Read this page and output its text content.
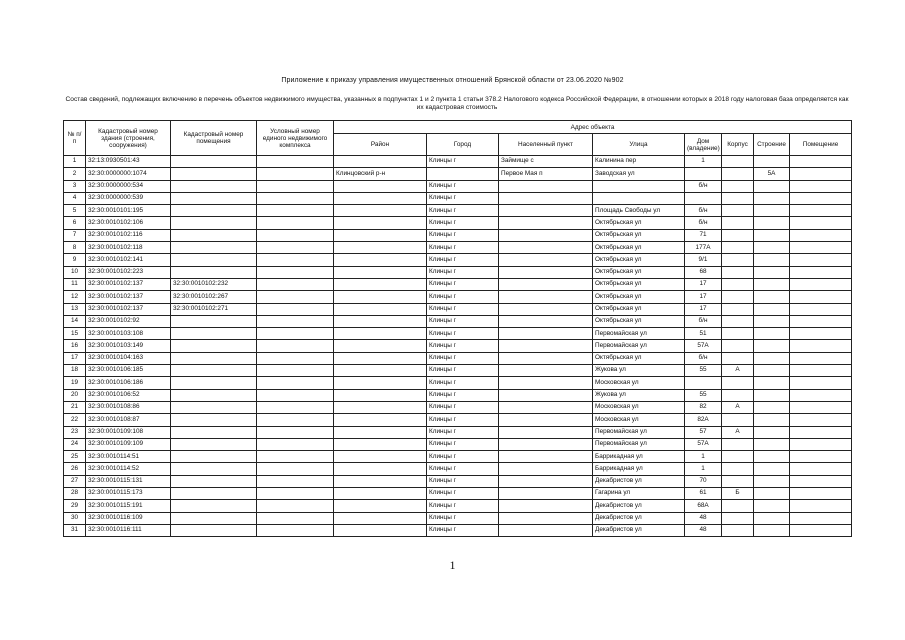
Приложение к приказу управления имущественных отношений Брянской области от 23.06.2020 №902
Состав сведений, подлежащих включению в перечень объектов недвижимого имущества, указанных в подпунктах 1 и 2 пункта 1 статьи 378.2 Налогового кодекса Российской Федерации, в отношении которых в 2018 году налоговая база определяется как их кадастровая стоимость
№ п/п	Кадастровый номер здания (строения, сооружения)	Кадастровый номер помещения	Условный номер единого недвижимого комплекса	Адрес объекта							
				Район	Город	Населенный пункт	Улица	Дом (владение)	Корпус	Строение	Помещение
1	32:13:0930501:43				Клинцы г	Займище с	Калинина пер	1			
2	32:30:0000000:1074			Клинцовский р-н		Первое Мая п	Заводская ул			5А	
3	32:30:0000000:534				Клинцы г			б/н			
4	32:30:0000000:539				Клинцы г						
5	32:30:0010101:195				Клинцы г		Площадь Свободы ул	б/н			
6	32:30:0010102:106				Клинцы г		Октябрьская ул	б/н			
7	32:30:0010102:116				Клинцы г		Октябрьская ул	71			
8	32:30:0010102:118				Клинцы г		Октябрьская ул	177А			
9	32:30:0010102:141				Клинцы г		Октябрьская ул	9/1			
10	32:30:0010102:223				Клинцы г		Октябрьская ул	68			
11	32:30:0010102:137	32:30:0010102:232			Клинцы г		Октябрьская ул	17			
12	32:30:0010102:137	32:30:0010102:267			Клинцы г		Октябрьская ул	17			
13	32:30:0010102:137	32:30:0010102:271			Клинцы г		Октябрьская ул	17			
14	32:30:0010102:92				Клинцы г		Октябрьская ул	б/н			
15	32:30:0010103:108				Клинцы г		Первомайская ул	51			
16	32:30:0010103:149				Клинцы г		Первомайская ул	57А			
17	32:30:0010104:163				Клинцы г		Октябрьская ул	б/н			
18	32:30:0010106:185				Клинцы г		Жукова ул	55	А		
19	32:30:0010106:186				Клинцы г		Московская ул				
20	32:30:0010106:52				Клинцы г		Жукова ул	55			
21	32:30:0010108:86				Клинцы г		Московская ул	82	А		
22	32:30:0010108:87				Клинцы г		Московская ул	82А			
23	32:30:0010109:108				Клинцы г		Первомайская ул	57	А		
24	32:30:0010109:109				Клинцы г		Первомайская ул	57А			
25	32:30:0010114:51				Клинцы г		Баррикадная ул	1			
26	32:30:0010114:52				Клинцы г		Баррикадная ул	1			
27	32:30:0010115:131				Клинцы г		Декабристов ул	70			
28	32:30:0010115:173				Клинцы г		Гагарина ул	61	Б		
29	32:30:0010115:191				Клинцы г		Декабристов ул	68А			
30	32:30:0010116:109				Клинцы г		Декабристов ул	48			
31	32:30:0010116:111				Клинцы г		Декабристов ул	48			
1
